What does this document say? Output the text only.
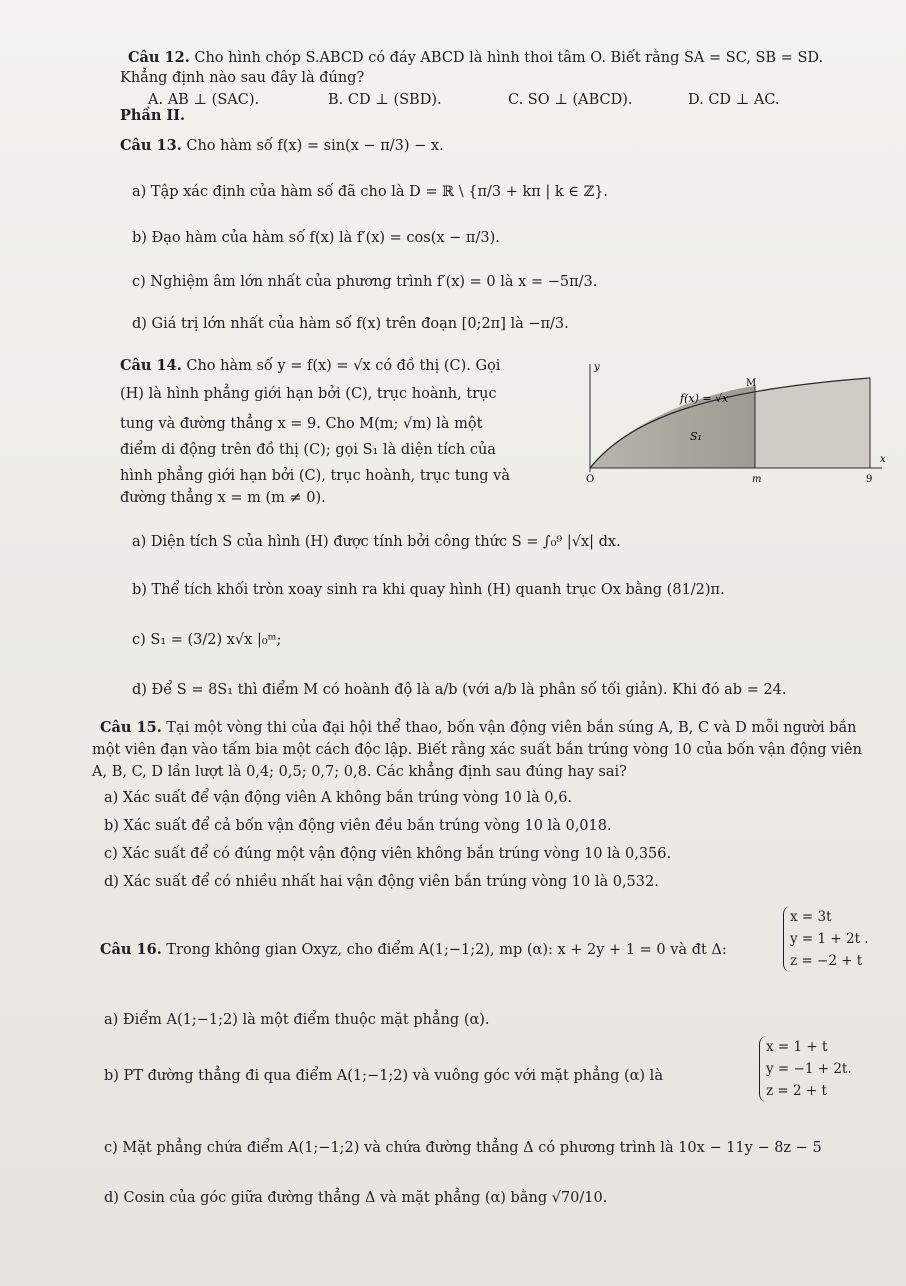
Câu 12. Cho hình chóp S.ABCD có đáy ABCD là hình thoi tâm O. Biết rằng SA = SC, SB = SD.
Khẳng định nào sau đây là đúng?
A. AB ⊥ (SAC).	B. CD ⊥ (SBD).	C. SO ⊥ (ABCD).	D. CD ⊥ AC.
Phần II.
Câu 13. Cho hàm số f(x) = sin(x − π/3) − x.
a) Tập xác định của hàm số đã cho là D = ℝ \ {π/3 + kπ | k ∈ ℤ}.
b) Đạo hàm của hàm số f(x) là f′(x) = cos(x − π/3).
c) Nghiệm âm lớn nhất của phương trình f′(x) = 0 là x = −5π/3.
d) Giá trị lớn nhất của hàm số f(x) trên đoạn [0;2π] là −π/3.
Câu 14. Cho hàm số y = f(x) = √x có đồ thị (C). Gọi
(H) là hình phẳng giới hạn bởi (C), trục hoành, trục
tung và đường thẳng x = 9. Cho M(m; √m) là một
điểm di động trên đồ thị (C); gọi S₁ là diện tích của
hình phẳng giới hạn bởi (C), trục hoành, trục tung và
đường thẳng x = m (m ≠ 0).
y
x
M
f(x) = √x
S₁
O	m	9
a) Diện tích S của hình (H) được tính bởi công thức S = ∫₀⁹ |√x| dx.
b) Thể tích khối tròn xoay sinh ra khi quay hình (H) quanh trục Ox bằng (81/2)π.
c) S₁ = (3/2) x√x |₀ᵐ;
d) Để S = 8S₁ thì điểm M có hoành độ là a/b (với a/b là phân số tối giản). Khi đó ab = 24.
Câu 15. Tại một vòng thi của đại hội thể thao, bốn vận động viên bắn súng A, B, C và D mỗi người bắn
một viên đạn vào tấm bia một cách độc lập. Biết rằng xác suất bắn trúng vòng 10 của bốn vận động viên
A, B, C, D lần lượt là 0,4; 0,5; 0,7; 0,8. Các khẳng định sau đúng hay sai?
a) Xác suất để vận động viên A không bắn trúng vòng 10 là 0,6.
b) Xác suất để cả bốn vận động viên đều bắn trúng vòng 10 là 0,018.
c) Xác suất để có đúng một vận động viên không bắn trúng vòng 10 là 0,356.
d) Xác suất để có nhiều nhất hai vận động viên bắn trúng vòng 10 là 0,532.
Câu 16. Trong không gian Oxyz, cho điểm A(1;−1;2), mp (α): x + 2y + 1 = 0 và đt Δ:
x = 3t
y = 1 + 2t .
z = −2 + t
a) Điểm A(1;−1;2) là một điểm thuộc mặt phẳng (α).
b) PT đường thẳng đi qua điểm A(1;−1;2) và vuông góc với mặt phẳng (α) là
x = 1 + t
y = −1 + 2t.
z = 2 + t
c) Mặt phẳng chứa điểm A(1;−1;2) và chứa đường thẳng Δ có phương trình là 10x − 11y − 8z − 5
d) Cosin của góc giữa đường thẳng Δ và mặt phẳng (α) bằng √70/10.
